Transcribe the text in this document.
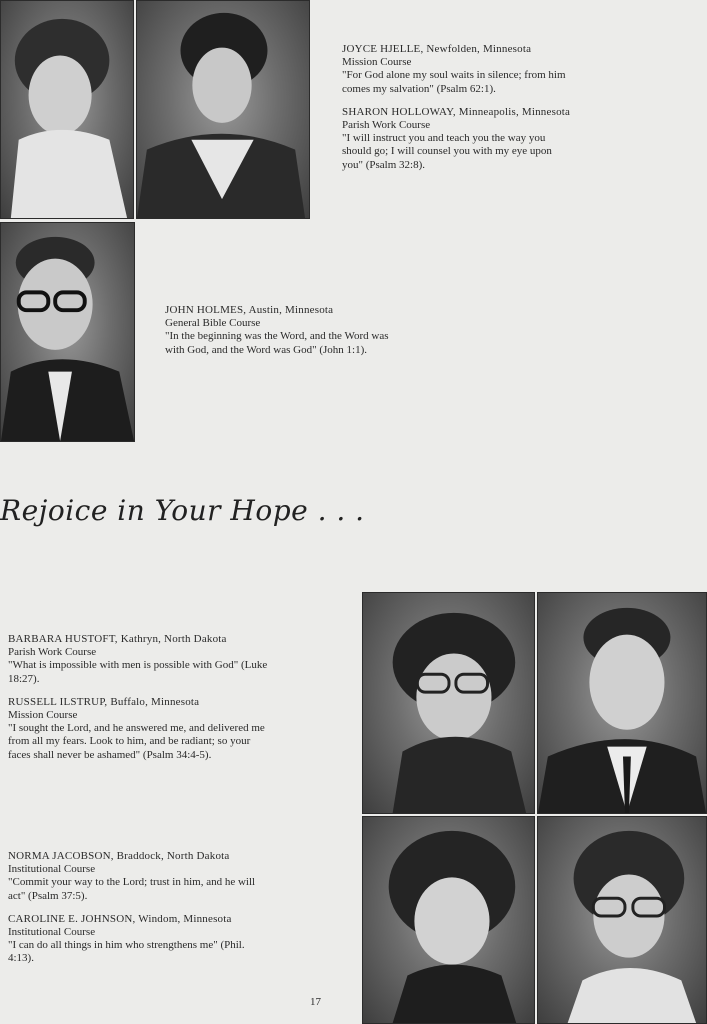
JOYCE HJELLE, Newfolden, Minnesota
Mission Course
"For God alone my soul waits in silence; from him
comes my salvation" (Psalm 62:1).
SHARON HOLLOWAY, Minneapolis, Minnesota
Parish Work Course
"I will instruct you and teach you the way you
should go; I will counsel you with my eye upon
you" (Psalm 32:8).
JOHN HOLMES, Austin, Minnesota
General Bible Course
"In the beginning was the Word, and the Word was
with God, and the Word was God" (John 1:1).
Rejoice in Your Hope . . .
BARBARA HUSTOFT, Kathryn, North Dakota
Parish Work Course
"What is impossible with men is possible with God" (Luke
18:27).
RUSSELL ILSTRUP, Buffalo, Minnesota
Mission Course
"I sought the Lord, and he answered me, and delivered me
from all my fears. Look to him, and be radiant; so your
faces shall never be ashamed" (Psalm 34:4-5).
NORMA JACOBSON, Braddock, North Dakota
Institutional Course
"Commit your way to the Lord; trust in him, and he will
act" (Psalm 37:5).
CAROLINE E. JOHNSON, Windom, Minnesota
Institutional Course
"I can do all things in him who strengthens me" (Phil.
4:13).
17
